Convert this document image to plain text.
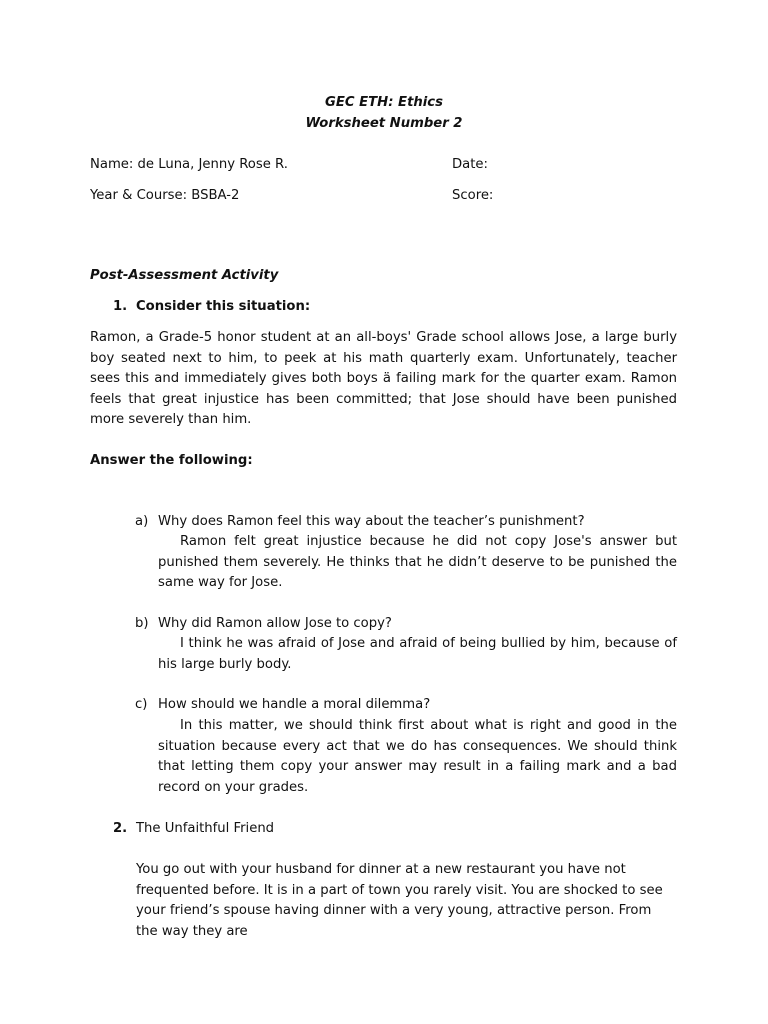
GEC ETH: Ethics
Worksheet Number 2
Name: de Luna, Jenny Rose R.	Date:
Year & Course: BSBA-2	Score:
Post-Assessment Activity
1. Consider this situation:
Ramon, a Grade-5 honor student at an all-boys' Grade school allows Jose, a large burly boy seated next to him, to peek at his math quarterly exam. Unfortunately, teacher sees this and immediately gives both boys ä failing mark for the quarter exam. Ramon feels that great injustice has been committed; that Jose should have been punished more severely than him.
Answer the following:
a) Why does Ramon feel this way about the teacher’s punishment?
Ramon felt great injustice because he did not copy Jose's answer but punished them severely. He thinks that he didn’t deserve to be punished the same way for Jose.
b) Why did Ramon allow Jose to copy?
I think he was afraid of Jose and afraid of being bullied by him, because of his large burly body.
c) How should we handle a moral dilemma?
In this matter, we should think first about what is right and good in the situation because every act that we do has consequences. We should think that letting them copy your answer may result in a failing mark and a bad record on your grades.
2. The Unfaithful Friend
You go out with your husband for dinner at a new restaurant you have not frequented before. It is in a part of town you rarely visit. You are shocked to see your friend’s spouse having dinner with a very young, attractive person. From the way they are
